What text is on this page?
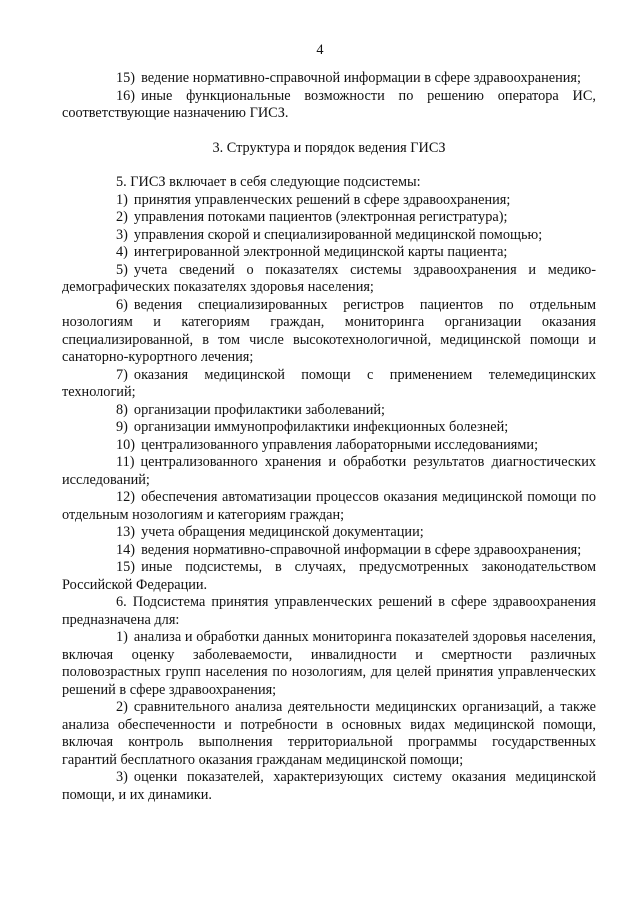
4

15) ведение нормативно-справочной информации в сфере здравоохранения;

16) иные функциональные возможности по решению оператора ИС, соответствующие назначению ГИСЗ.

3. Структура и порядок ведения ГИСЗ

5. ГИСЗ включает в себя следующие подсистемы:

1) принятия управленческих решений в сфере здравоохранения;

2) управления потоками пациентов (электронная регистратура);

3) управления скорой и специализированной медицинской помощью;

4) интегрированной электронной медицинской карты пациента;

5) учета сведений о показателях системы здравоохранения и медико-демографических показателях здоровья населения;

6) ведения специализированных регистров пациентов по отдельным нозологиям и категориям граждан, мониторинга организации оказания специализированной, в том числе высокотехнологичной, медицинской помощи и санаторно-курортного лечения;

7) оказания медицинской помощи с применением телемедицинских технологий;

8) организации профилактики заболеваний;

9) организации иммунопрофилактики инфекционных болезней;

10) централизованного управления лабораторными исследованиями;

11) централизованного хранения и обработки результатов диагностических исследований;

12) обеспечения автоматизации процессов оказания медицинской помощи по отдельным нозологиям и категориям граждан;

13) учета обращения медицинской документации;

14) ведения нормативно-справочной информации в сфере здравоохранения;

15) иные подсистемы, в случаях, предусмотренных законодательством Российской Федерации.

6. Подсистема принятия управленческих решений в сфере здравоохранения предназначена для:

1) анализа и обработки данных мониторинга показателей здоровья населения, включая оценку заболеваемости, инвалидности и смертности различных половозрастных групп населения по нозологиям, для целей принятия управленческих решений в сфере здравоохранения;

2) сравнительного анализа деятельности медицинских организаций, а также анализа обеспеченности и потребности в основных видах медицинской помощи, включая контроль выполнения территориальной программы государственных гарантий бесплатного оказания гражданам медицинской помощи;

3) оценки показателей, характеризующих систему оказания медицинской помощи, и их динамики.
